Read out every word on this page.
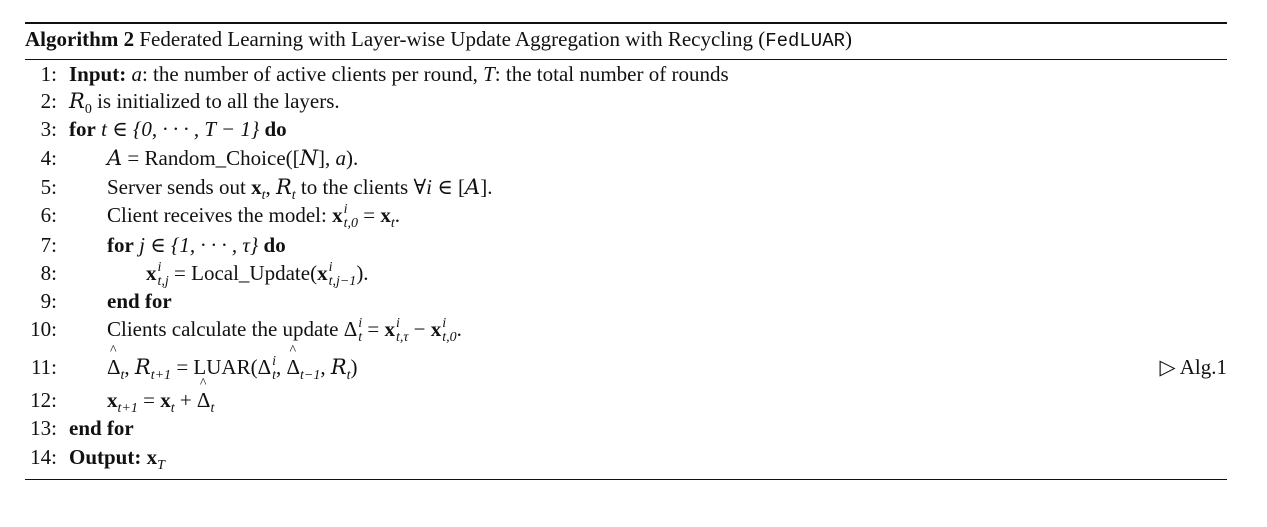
Algorithm 2 Federated Learning with Layer-wise Update Aggregation with Recycling (FedLUAR)
1: Input: a: the number of active clients per round, T: the total number of rounds
2: $R_0$ is initialized to all the layers.
3: for t ∈ {0, · · · , T − 1} do
4: A = Random_Choice([N], a).
5: Server sends out $x_t$, $R_t$ to the clients ∀i ∈ [A].
6: Client receives the model: x i
$t,0 = x_t$.
7: for j ∈ {1, · · · , τ} do
8:	x i
t,j = Local_Update(x i
t,j−1 ).
9: end for
10: Clients calculate the update Δ i
t = x i
t,τ − x i
t,0 .
11:
^ $\Delta_t$, $R_{t+1}$ = LUAR(Δ i
t , ^ $\Delta_{t-1}$, $R_t$)	▷ Alg.1
12: $x_{t+1} = x_t$ + ^ $\Delta_t$
13: end for
14: Output: $x_T$
